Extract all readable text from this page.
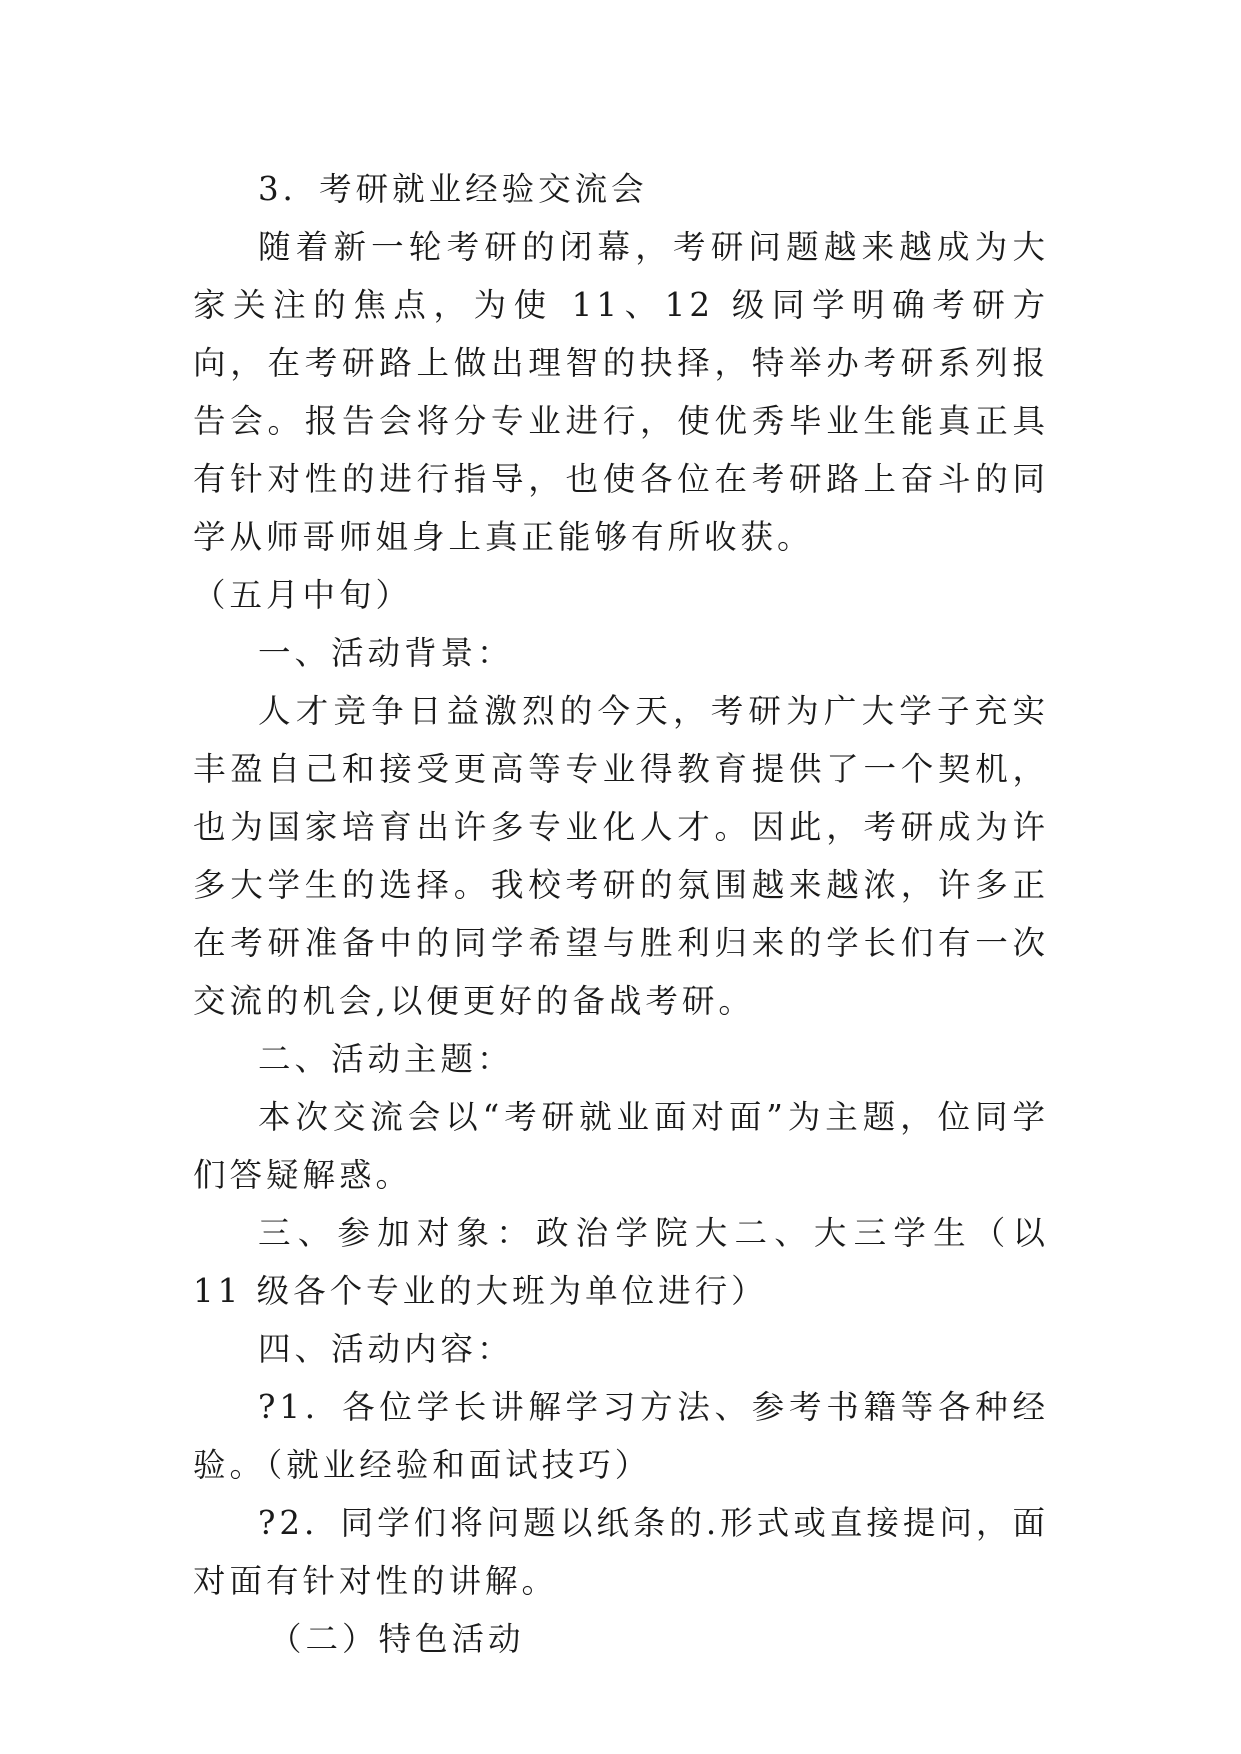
3．考研就业经验交流会

随着新一轮考研的闭幕，考研问题越来越成为大家关注的焦点，为使 11、12 级同学明确考研方向，在考研路上做出理智的抉择，特举办考研系列报告会。报告会将分专业进行，使优秀毕业生能真正具有针对性的进行指导，也使各位在考研路上奋斗的同学从师哥师姐身上真正能够有所收获。

（五月中旬）

一、活动背景：

人才竞争日益激烈的今天，考研为广大学子充实丰盈自己和接受更高等专业得教育提供了一个契机，也为国家培育出许多专业化人才。因此，考研成为许多大学生的选择。我校考研的氛围越来越浓，许多正在考研准备中的同学希望与胜利归来的学长们有一次交流的机会,以便更好的备战考研。

二、活动主题：

本次交流会以“考研就业面对面”为主题，位同学们答疑解惑。

三、参加对象：政治学院大二、大三学生（以 11 级各个专业的大班为单位进行）

四、活动内容：

?1．各位学长讲解学习方法、参考书籍等各种经验。（就业经验和面试技巧）

?2．同学们将问题以纸条的.形式或直接提问，面对面有针对性的讲解。

（二）特色活动
